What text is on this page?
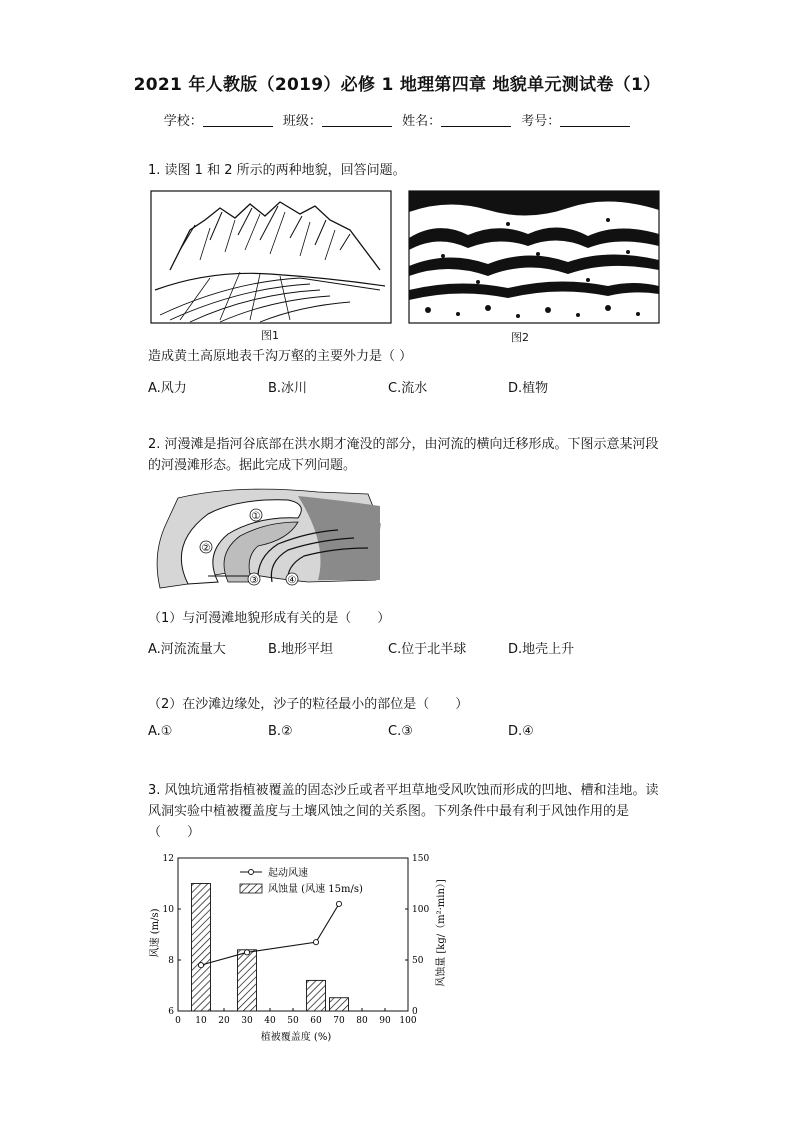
2021 年人教版（2019）必修 1 地理第四章 地貌单元测试卷（1）
学校：	班级：	姓名：	考号：
1. 读图 1 和 2 所示的两种地貌，回答问题。
图1	图2
造成黄土高原地表千沟万壑的主要外力是（ ）
A.风力	B.冰川	C.流水	D.植物
2. 河漫滩是指河谷底部在洪水期才淹没的部分，由河流的横向迁移形成。下图示意某河段的河漫滩形态。据此完成下列问题。
①
②
③	④
（1）与河漫滩地貌形成有关的是（　　）
A.河流流量大	B.地形平坦	C.位于北半球	D.地壳上升
（2）在沙滩边缘处，沙子的粒径最小的部位是（　　）
A.①	B.②	C.③	D.④
3. 风蚀坑通常指植被覆盖的固态沙丘或者平坦草地受风吹蚀而形成的凹地、槽和洼地。读风洞实验中植被覆盖度与土壤风蚀之间的关系图。下列条件中最有利于风蚀作用的是（　　）
0 10 20 30 40 50 60 70 80 90 100
6
8
10
12
0
50
100
150
起动风速
风蚀量 (风速 15m/s)
植被覆盖度 (%)
风速 (m/s)	风蚀量 [kg/（m²·min）]
